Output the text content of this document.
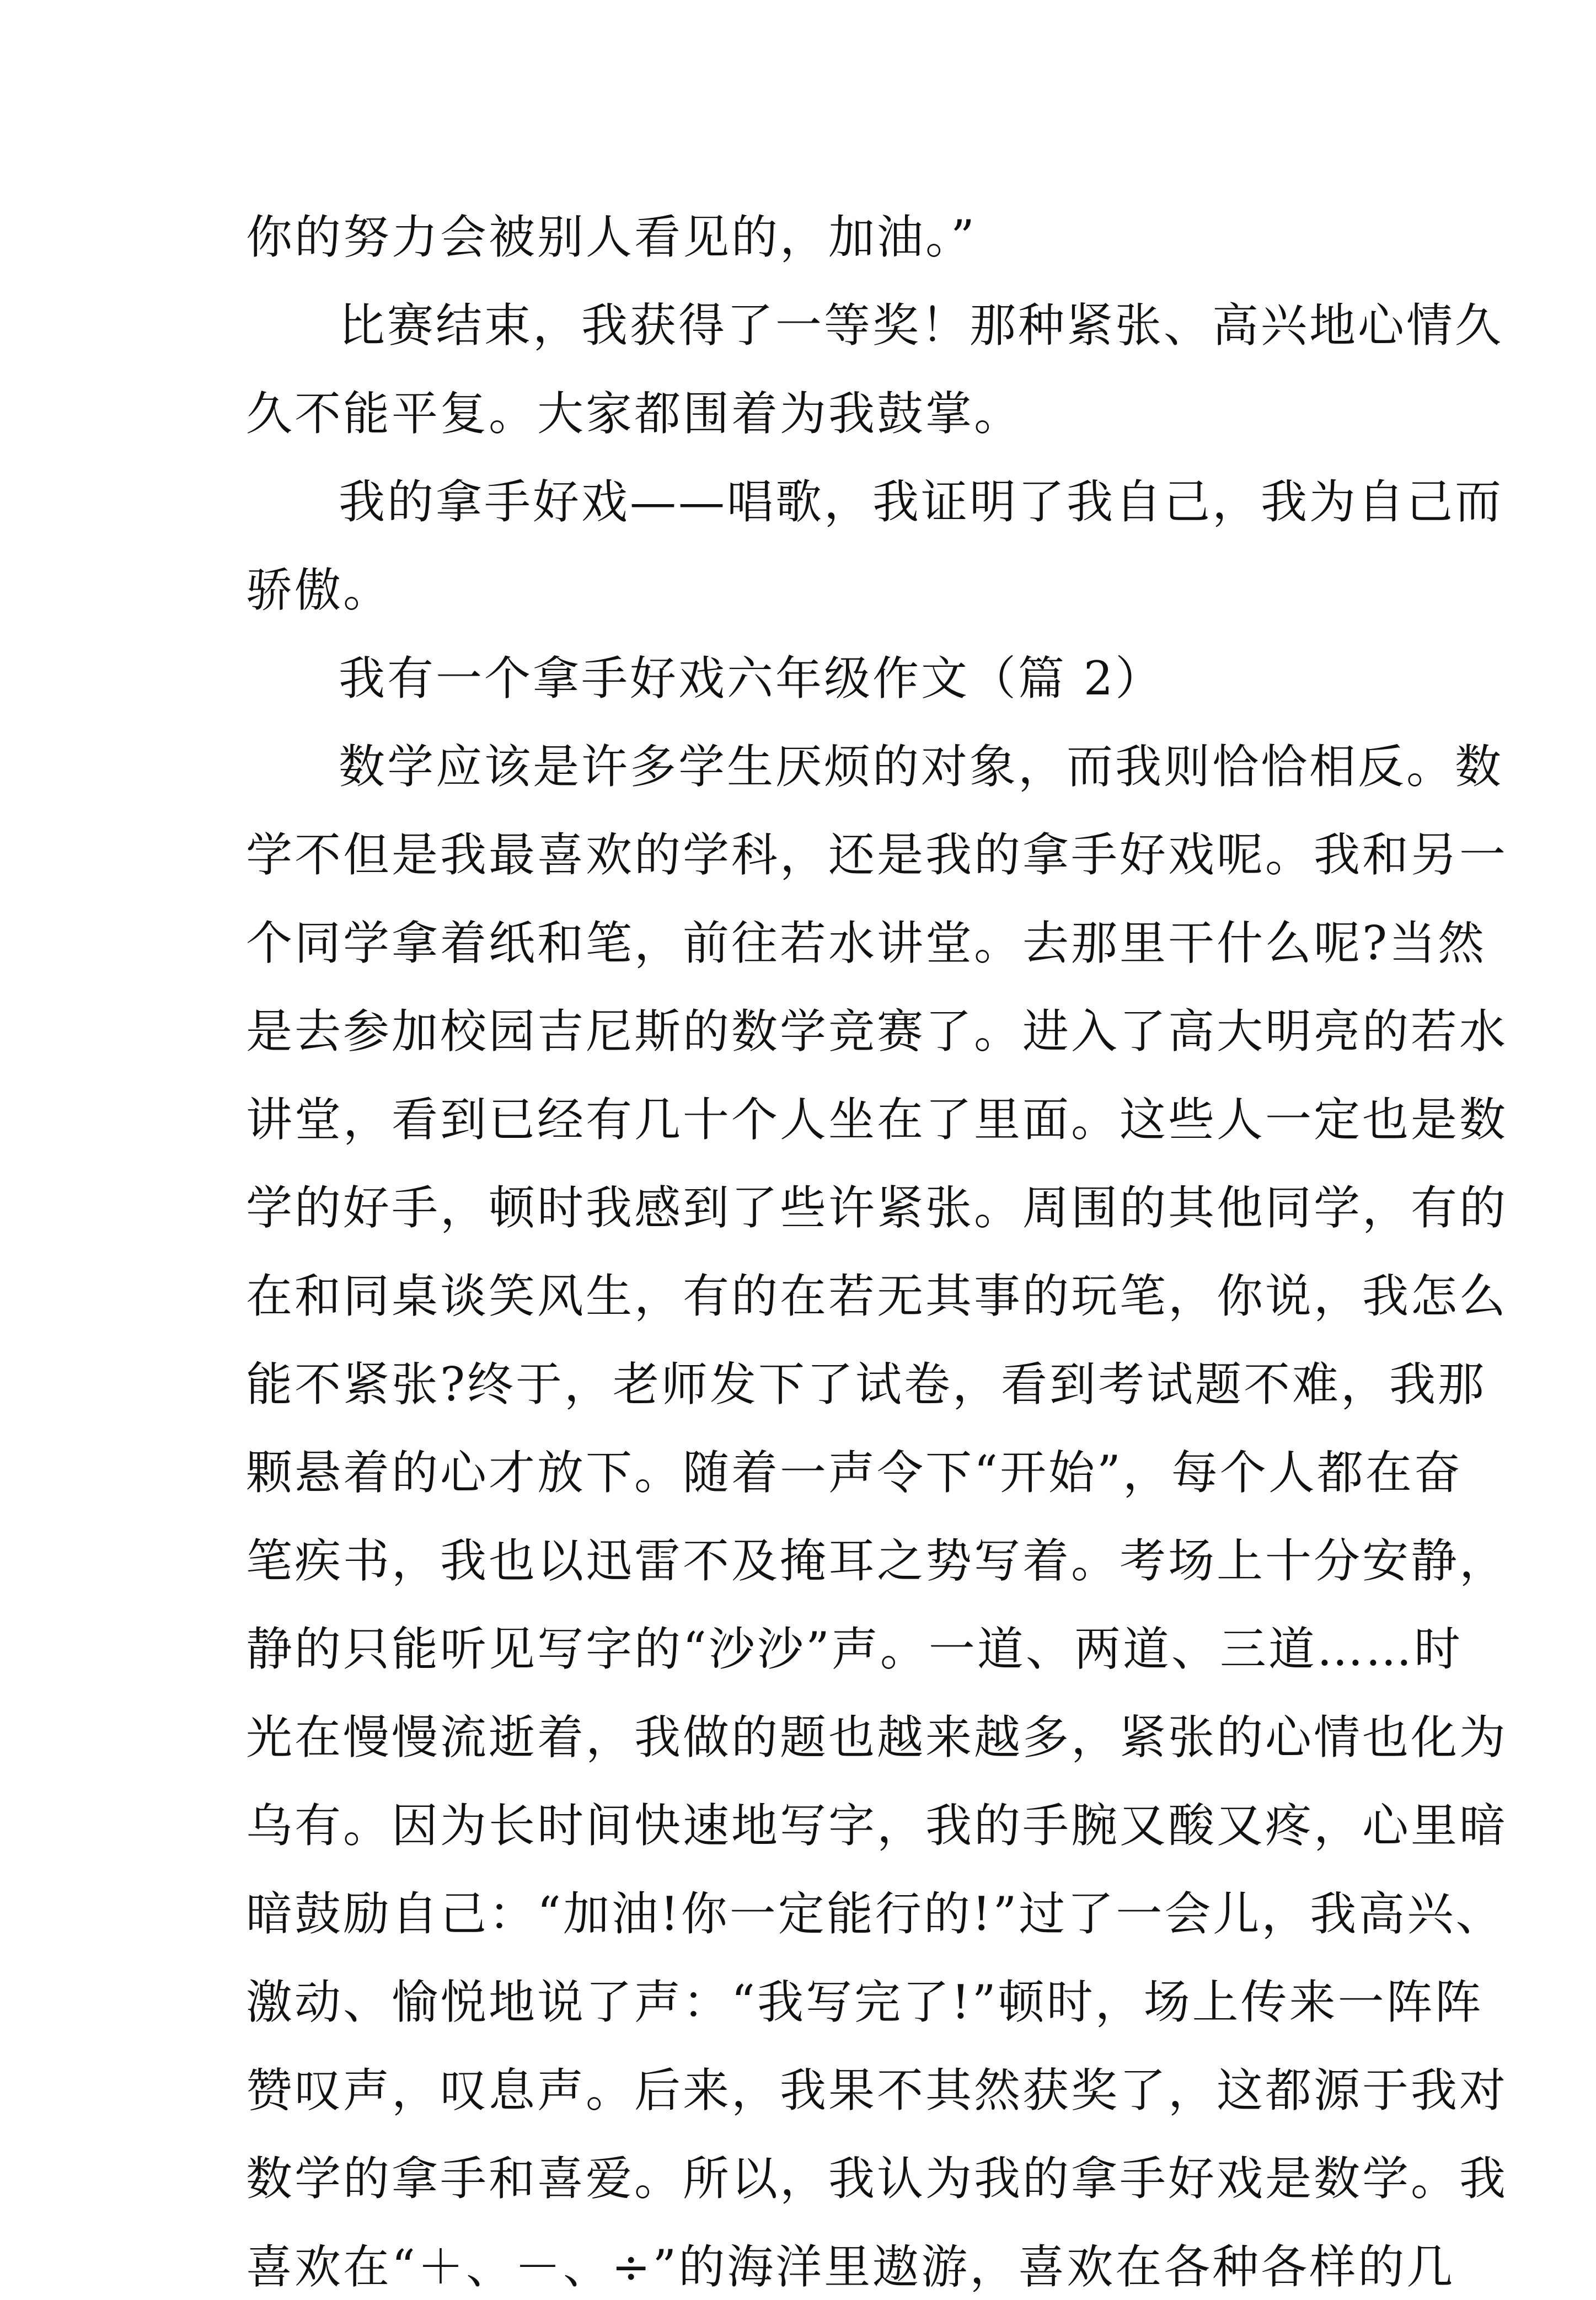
你的努力会被别人看见的，加油。”
比赛结束，我获得了一等奖！那种紧张、高兴地心情久
久不能平复。大家都围着为我鼓掌。
我的拿手好戏——唱歌，我证明了我自己，我为自己而
骄傲。
我有一个拿手好戏六年级作文（篇 2）
数学应该是许多学生厌烦的对象，而我则恰恰相反。数
学不但是我最喜欢的学科，还是我的拿手好戏呢。我和另一
个同学拿着纸和笔，前往若水讲堂。去那里干什么呢?当然
是去参加校园吉尼斯的数学竞赛了。进入了高大明亮的若水
讲堂，看到已经有几十个人坐在了里面。这些人一定也是数
学的好手，顿时我感到了些许紧张。周围的其他同学，有的
在和同桌谈笑风生，有的在若无其事的玩笔，你说，我怎么
能不紧张?终于，老师发下了试卷，看到考试题不难，我那
颗悬着的心才放下。随着一声令下“开始”，每个人都在奋
笔疾书，我也以迅雷不及掩耳之势写着。考场上十分安静，
静的只能听见写字的“沙沙”声。一道、两道、三道……时
光在慢慢流逝着，我做的题也越来越多，紧张的心情也化为
乌有。因为长时间快速地写字，我的手腕又酸又疼，心里暗
暗鼓励自己：“加油!你一定能行的!”过了一会儿，我高兴、
激动、愉悦地说了声：“我写完了!”顿时，场上传来一阵阵
赞叹声，叹息声。后来，我果不其然获奖了，这都源于我对
数学的拿手和喜爱。所以，我认为我的拿手好戏是数学。我
喜欢在“＋、－、÷”的海洋里遨游，喜欢在各种各样的几
